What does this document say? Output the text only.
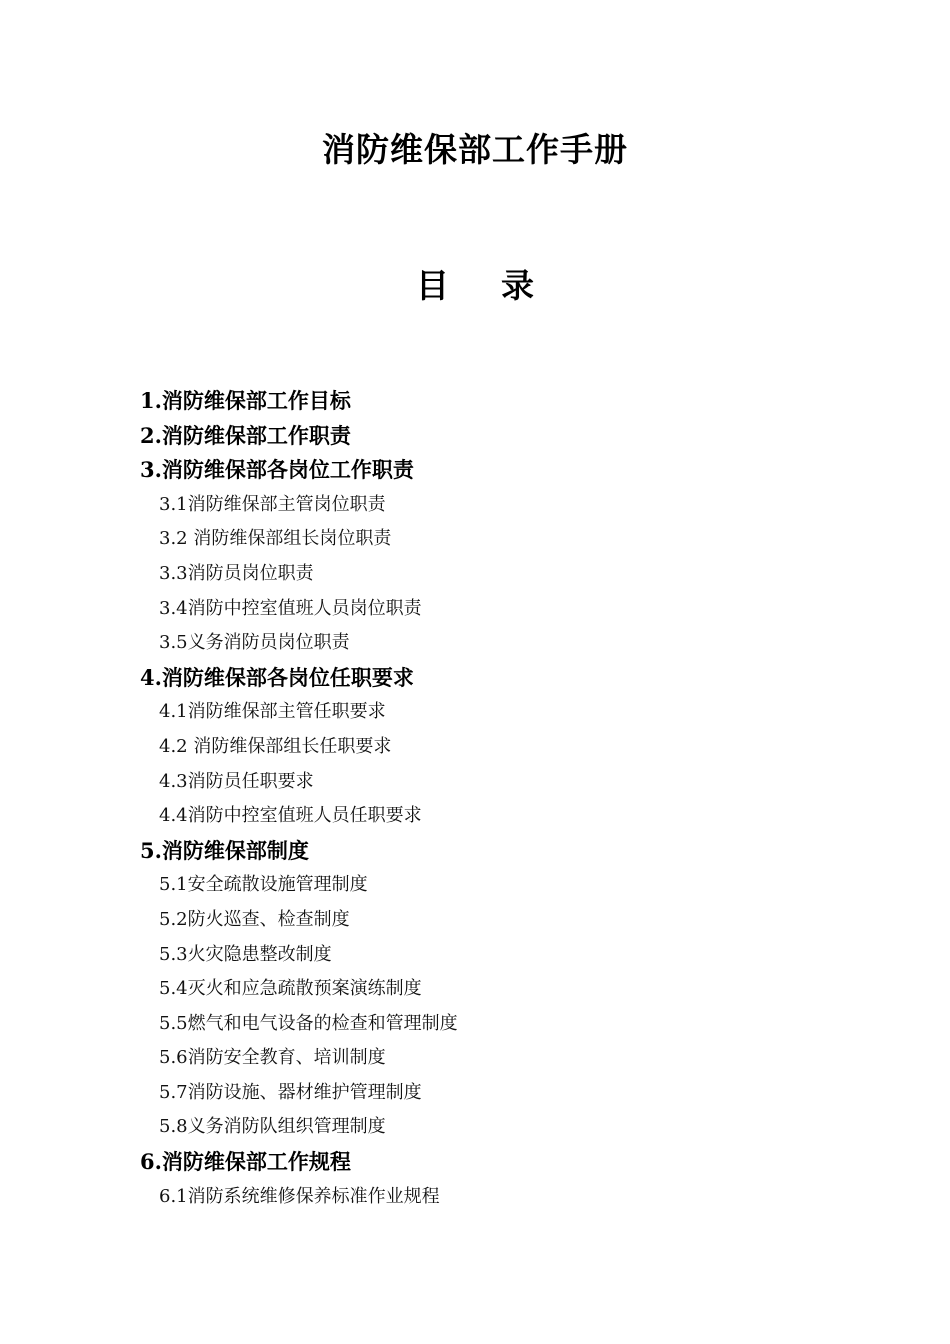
消防维保部工作手册
目 录
1.消防维保部工作目标
2.消防维保部工作职责
3.消防维保部各岗位工作职责
3.1消防维保部主管岗位职责
3.2 消防维保部组长岗位职责
3.3消防员岗位职责
3.4消防中控室值班人员岗位职责
3.5义务消防员岗位职责
4.消防维保部各岗位任职要求
4.1消防维保部主管任职要求
4.2 消防维保部组长任职要求
4.3消防员任职要求
4.4消防中控室值班人员任职要求
5.消防维保部制度
5.1安全疏散设施管理制度
5.2防火巡查、检查制度
5.3火灾隐患整改制度
5.4灭火和应急疏散预案演练制度
5.5燃气和电气设备的检查和管理制度
5.6消防安全教育、培训制度
5.7消防设施、器材维护管理制度
5.8义务消防队组织管理制度
6.消防维保部工作规程
6.1消防系统维修保养标准作业规程
